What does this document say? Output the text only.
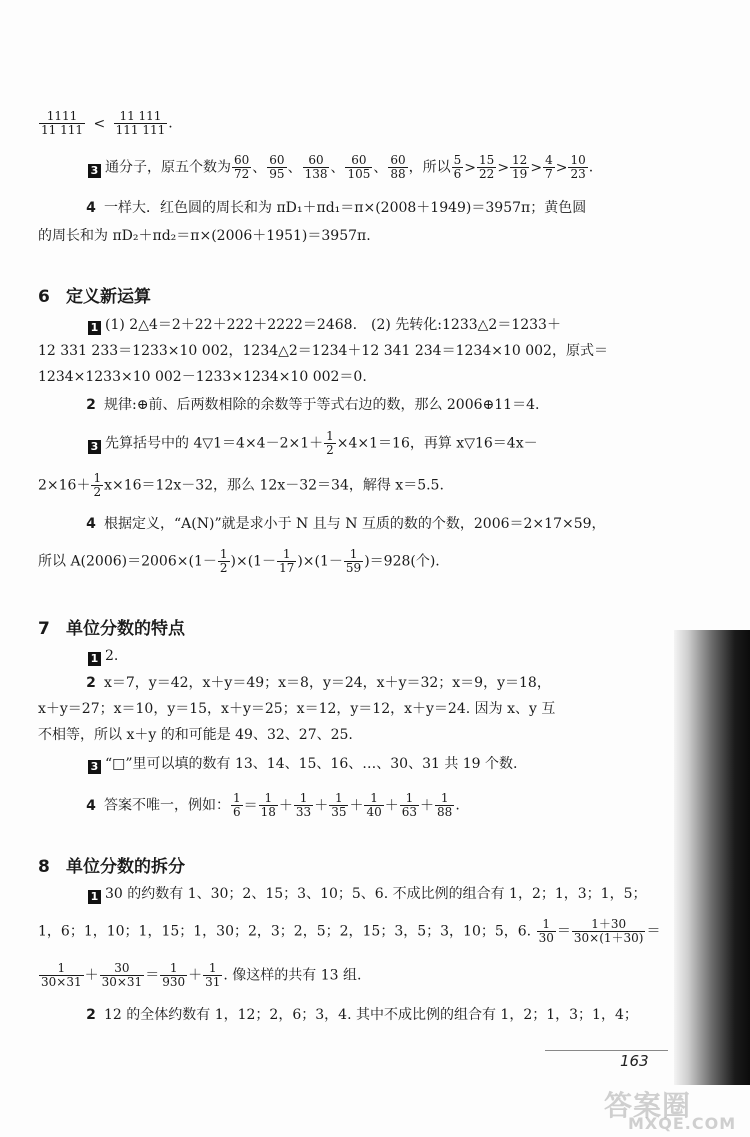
$\frac{1111}{11 111} < \frac{11 111}{111 111}$ .
3 通分子，原五个数为 $\frac{60}{72}$ 、 $\frac{60}{95}$ 、 $\frac{60}{138}$ 、 $\frac{60}{105}$ 、 $\frac{60}{88}$ ，所以 $\frac{5}{6} > \frac{15}{22} > \frac{12}{19} > \frac{4}{7} > \frac{10}{23}$ .
4 一样大．红色圆的周长和为 πD₁＋πd₁＝π×(2008＋1949)＝3957π；黄色圆
的周长和为 πD₂＋πd₂＝π×(2006＋1951)＝3957π.
6 定义新运算
1 (1) 2△4＝2＋22＋222＋2222＝2468.　(2) 先转化:1233△2＝1233＋
12 331 233＝1233×10 002，1234△2＝1234＋12 341 234＝1234×10 002，原式＝
1234×1233×10 002－1233×1234×10 002＝0.
2 规律:⊕前、后两数相除的余数等于等式右边的数，那么 2006⊕11＝4.
3 先算括号中的 4▽1＝4×4－2×1＋ $\frac{1}{2} \times 4\times 1=16$，再算 x▽16＝4x－
$2\times 16+ \frac{1}{2} x\times 16=12x-32$，那么 12x－32＝34，解得 x＝5.5.
4 根据定义，“A(N)”就是求小于 N 且与 N 互质的数的个数，2006＝2×17×59，
所以 $A(2006)=2006\times(1- \frac{1}{2} )\times(1- \frac{1}{17} )\times(1- \frac{1}{59} )=928$(个).
7 单位分数的特点
1 2.
2 x＝7，y＝42，x＋y＝49；x＝8，y＝24，x＋y＝32；x＝9，y＝18，
x＋y＝27；x＝10，y＝15，x＋y＝25；x＝12，y＝12，x＋y＝24. 因为 x、y 互
不相等，所以 x＋y 的和可能是 49、32、27、25.
3 “□”里可以填的数有 13、14、15、16、…、30、31 共 19 个数.
4 答案不唯一，例如： $\frac{1}{6} = \frac{1}{18} + \frac{1}{33} + \frac{1}{35} + \frac{1}{40} + \frac{1}{63} + \frac{1}{88}$ .
8 单位分数的拆分
1 30 的约数有 1、30；2、15；3、10；5、6. 不成比例的组合有 1，2；1，3；1，5；
1，6；1，10；1，15；1，30；2，3；2，5；2，15；3，5；3，10；5，6. $\frac{1}{30} = \frac{1+30}{30\times(1+30)}$ ＝
$\frac{1}{30\times 31} + \frac{30}{30\times 31} = \frac{1}{930} + \frac{1}{31}$ . 像这样的共有 13 组.
2 12 的全体约数有 1，12；2，6；3，4. 其中不成比例的组合有 1，2；1，3；1，4；
163
答案圈
MXQE.COM
